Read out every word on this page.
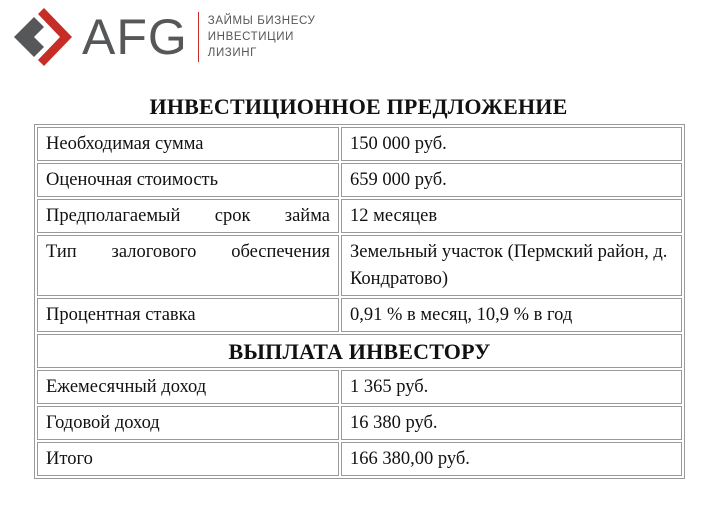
AFG ЗАЙМЫ БИЗНЕСУ
ИНВЕСТИЦИИ
ЛИЗИНГ
ИНВЕСТИЦИОННОЕ ПРЕДЛОЖЕНИЕ
Необходимая сумма	150 000 руб.
Оценочная стоимость	659 000 руб.
Предполагаемый срок займа	12 месяцев
Тип залогового обеспечения	Земельный участок (Пермский район, д. Кондратово)
Процентная ставка	0,91 % в месяц, 10,9 % в год
ВЫПЛАТА ИНВЕСТОРУ	
Ежемесячный доход	1 365 руб.
Годовой доход	16 380 руб.
Итого	166 380,00 руб.
